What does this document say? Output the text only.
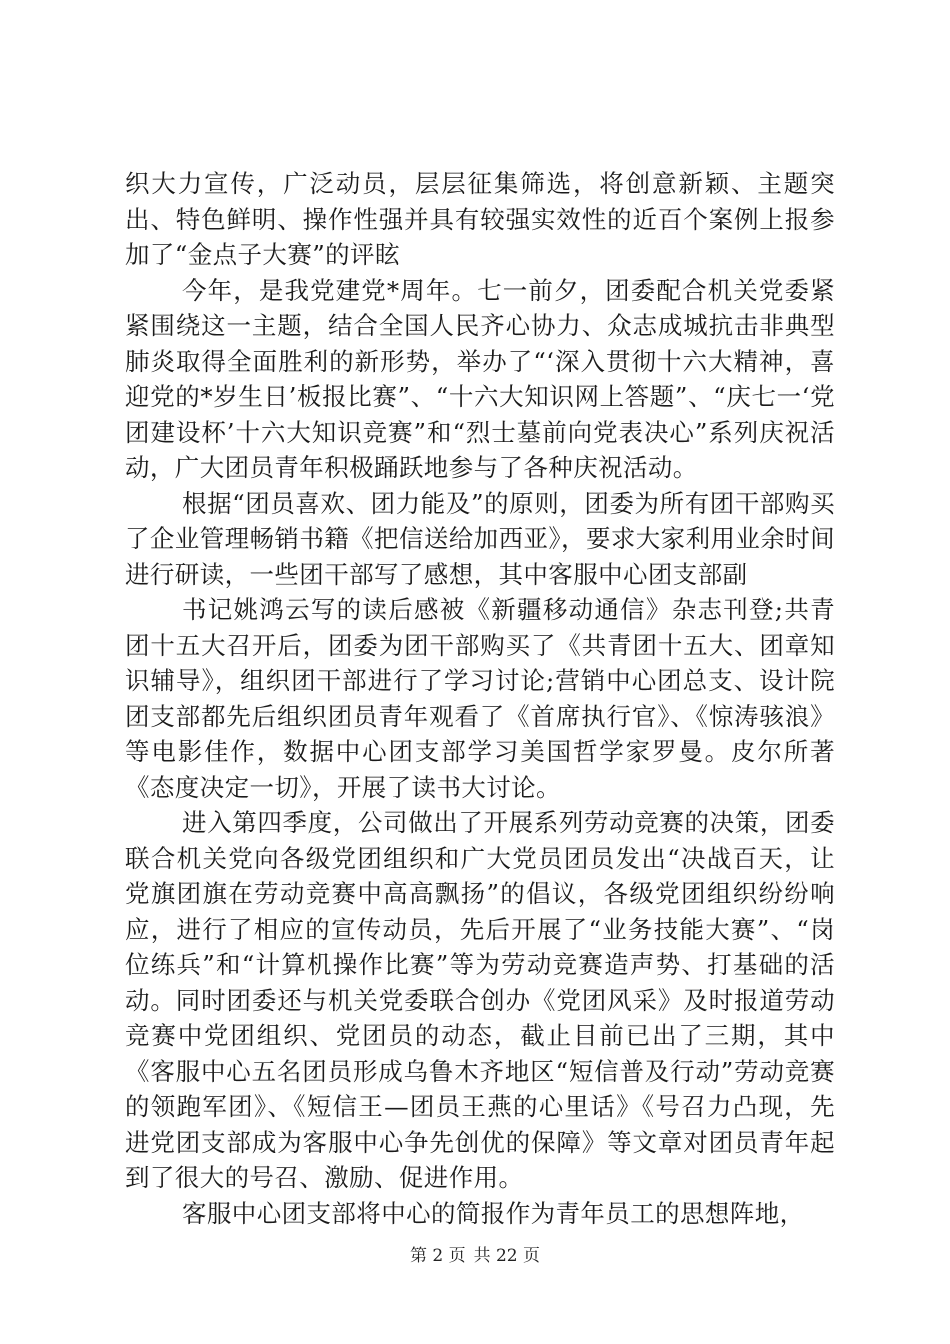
织大力宣传，广泛动员，层层征集筛选，将创意新颖、主题突出、特色鲜明、操作性强并具有较强实效性的近百个案例上报参加了“金点子大赛”的评眩

今年，是我党建党*周年。七一前夕，团委配合机关党委紧紧围绕这一主题，结合全国人民齐心协力、众志成城抗击非典型肺炎取得全面胜利的新形势，举办了“‘深入贯彻十六大精神，喜迎党的*岁生日’板报比赛”、“十六大知识网上答题”、“庆七一‘党团建设杯’十六大知识竞赛”和“烈士墓前向党表决心”系列庆祝活动，广大团员青年积极踊跃地参与了各种庆祝活动。

根据“团员喜欢、团力能及”的原则，团委为所有团干部购买了企业管理畅销书籍《把信送给加西亚》，要求大家利用业余时间进行研读，一些团干部写了感想，其中客服中心团支部副

书记姚鸿云写的读后感被《新疆移动通信》杂志刊登;共青团十五大召开后，团委为团干部购买了《共青团十五大、团章知识辅导》，组织团干部进行了学习讨论;营销中心团总支、设计院团支部都先后组织团员青年观看了《首席执行官》、《惊涛骇浪》等电影佳作，数据中心团支部学习美国哲学家罗曼。皮尔所著《态度决定一切》，开展了读书大讨论。

进入第四季度，公司做出了开展系列劳动竞赛的决策，团委联合机关党向各级党团组织和广大党员团员发出“决战百天，让党旗团旗在劳动竞赛中高高飘扬”的倡议，各级党团组织纷纷响应，进行了相应的宣传动员，先后开展了“业务技能大赛”、“岗位练兵”和“计算机操作比赛”等为劳动竞赛造声势、打基础的活动。同时团委还与机关党委联合创办《党团风采》及时报道劳动竞赛中党团组织、党团员的动态，截止目前已出了三期，其中《客服中心五名团员形成乌鲁木齐地区“短信普及行动”劳动竞赛的领跑军团》、《短信王—团员王燕的心里话》《号召力凸现，先进党团支部成为客服中心争先创优的保障》等文章对团员青年起到了很大的号召、激励、促进作用。

客服中心团支部将中心的简报作为青年员工的思想阵地，

第 2 页 共 22 页
